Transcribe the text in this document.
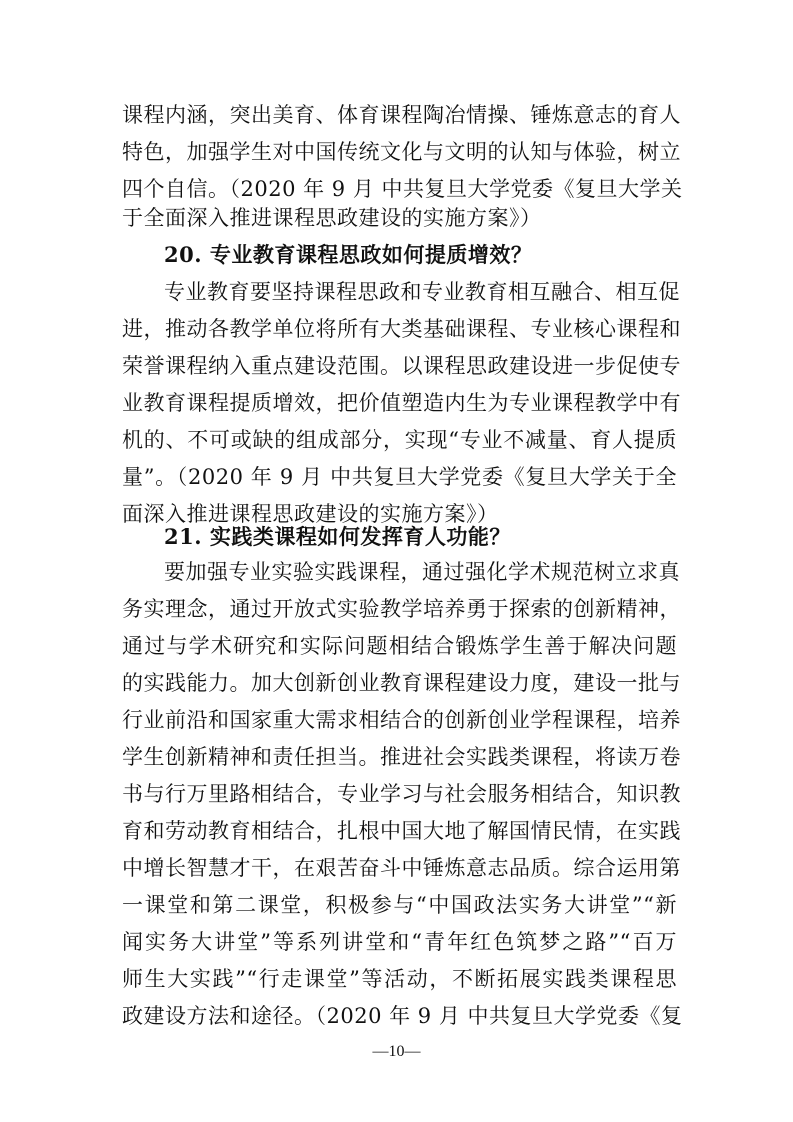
课程内涵，突出美育、体育课程陶冶情操、锤炼意志的育人
特色，加强学生对中国传统文化与文明的认知与体验，树立
四个自信。（2020 年 9 月 中共复旦大学党委《复旦大学关
于全面深入推进课程思政建设的实施方案》）
20. 专业教育课程思政如何提质增效？
专业教育要坚持课程思政和专业教育相互融合、相互促
进，推动各教学单位将所有大类基础课程、专业核心课程和
荣誉课程纳入重点建设范围。以课程思政建设进一步促使专
业教育课程提质增效，把价值塑造内生为专业课程教学中有
机的、不可或缺的组成部分，实现“专业不减量、育人提质
量”。（2020 年 9 月 中共复旦大学党委《复旦大学关于全
面深入推进课程思政建设的实施方案》）
21. 实践类课程如何发挥育人功能？
要加强专业实验实践课程，通过强化学术规范树立求真
务实理念，通过开放式实验教学培养勇于探索的创新精神，
通过与学术研究和实际问题相结合锻炼学生善于解决问题
的实践能力。加大创新创业教育课程建设力度，建设一批与
行业前沿和国家重大需求相结合的创新创业学程课程，培养
学生创新精神和责任担当。推进社会实践类课程，将读万卷
书与行万里路相结合，专业学习与社会服务相结合，知识教
育和劳动教育相结合，扎根中国大地了解国情民情，在实践
中增长智慧才干，在艰苦奋斗中锤炼意志品质。综合运用第
一课堂和第二课堂，积极参与“中国政法实务大讲堂”“新
闻实务大讲堂”等系列讲堂和“青年红色筑梦之路”“百万
师生大实践”“行走课堂”等活动，不断拓展实践类课程思
政建设方法和途径。（2020 年 9 月 中共复旦大学党委《复
—10—
